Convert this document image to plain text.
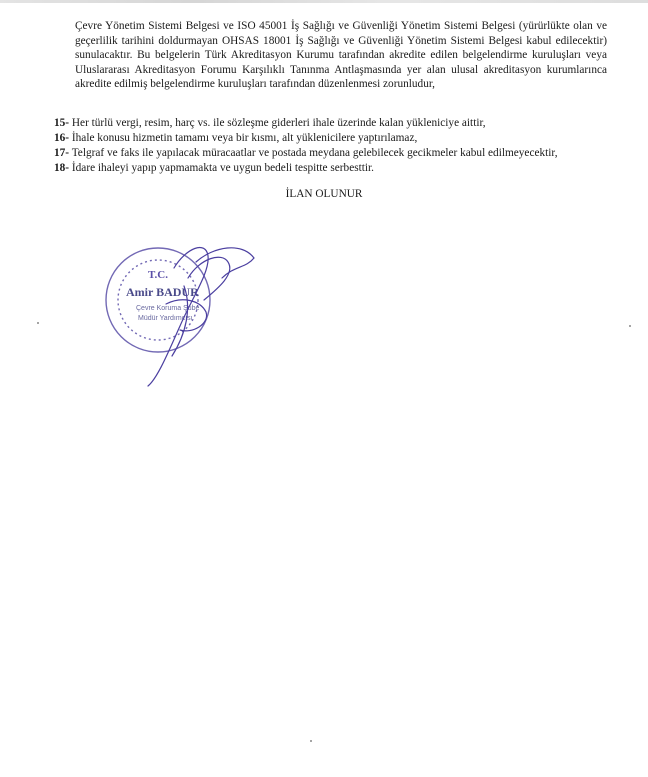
Çevre Yönetim Sistemi Belgesi ve ISO 45001 İş Sağlığı ve Güvenliği Yönetim Sistemi Belgesi (yürürlükte olan ve geçerlilik tarihini doldurmayan OHSAS 18001 İş Sağlığı ve Güvenliği Yönetim Sistemi Belgesi kabul edilecektir) sunulacaktır. Bu belgelerin Türk Akreditasyon Kurumu tarafından akredite edilen belgelendirme kuruluşları veya Uluslararası Akreditasyon Forumu Karşılıklı Tanınma Antlaşmasında yer alan ulusal akreditasyon kurumlarınca akredite edilmiş belgelendirme kuruluşları tarafından düzenlenmesi zorunludur,

15- Her türlü vergi, resim, harç vs. ile sözleşme giderleri ihale üzerinde kalan yükleniciye aittir,
16- İhale konusu hizmetin tamamı veya bir kısmı, alt yüklenicilere yaptırılamaz,
17- Telgraf ve faks ile yapılacak müracaatlar ve postada meydana gelebilecek gecikmeler kabul edilmeyecektir,
18- İdare ihaleyi yapıp yapmamakta ve uygun bedeli tespitte serbesttir.
İLAN OLUNUR
T.C.
Amir BADUR
Çevre Koruma Şube
Müdür Yardımcısı
